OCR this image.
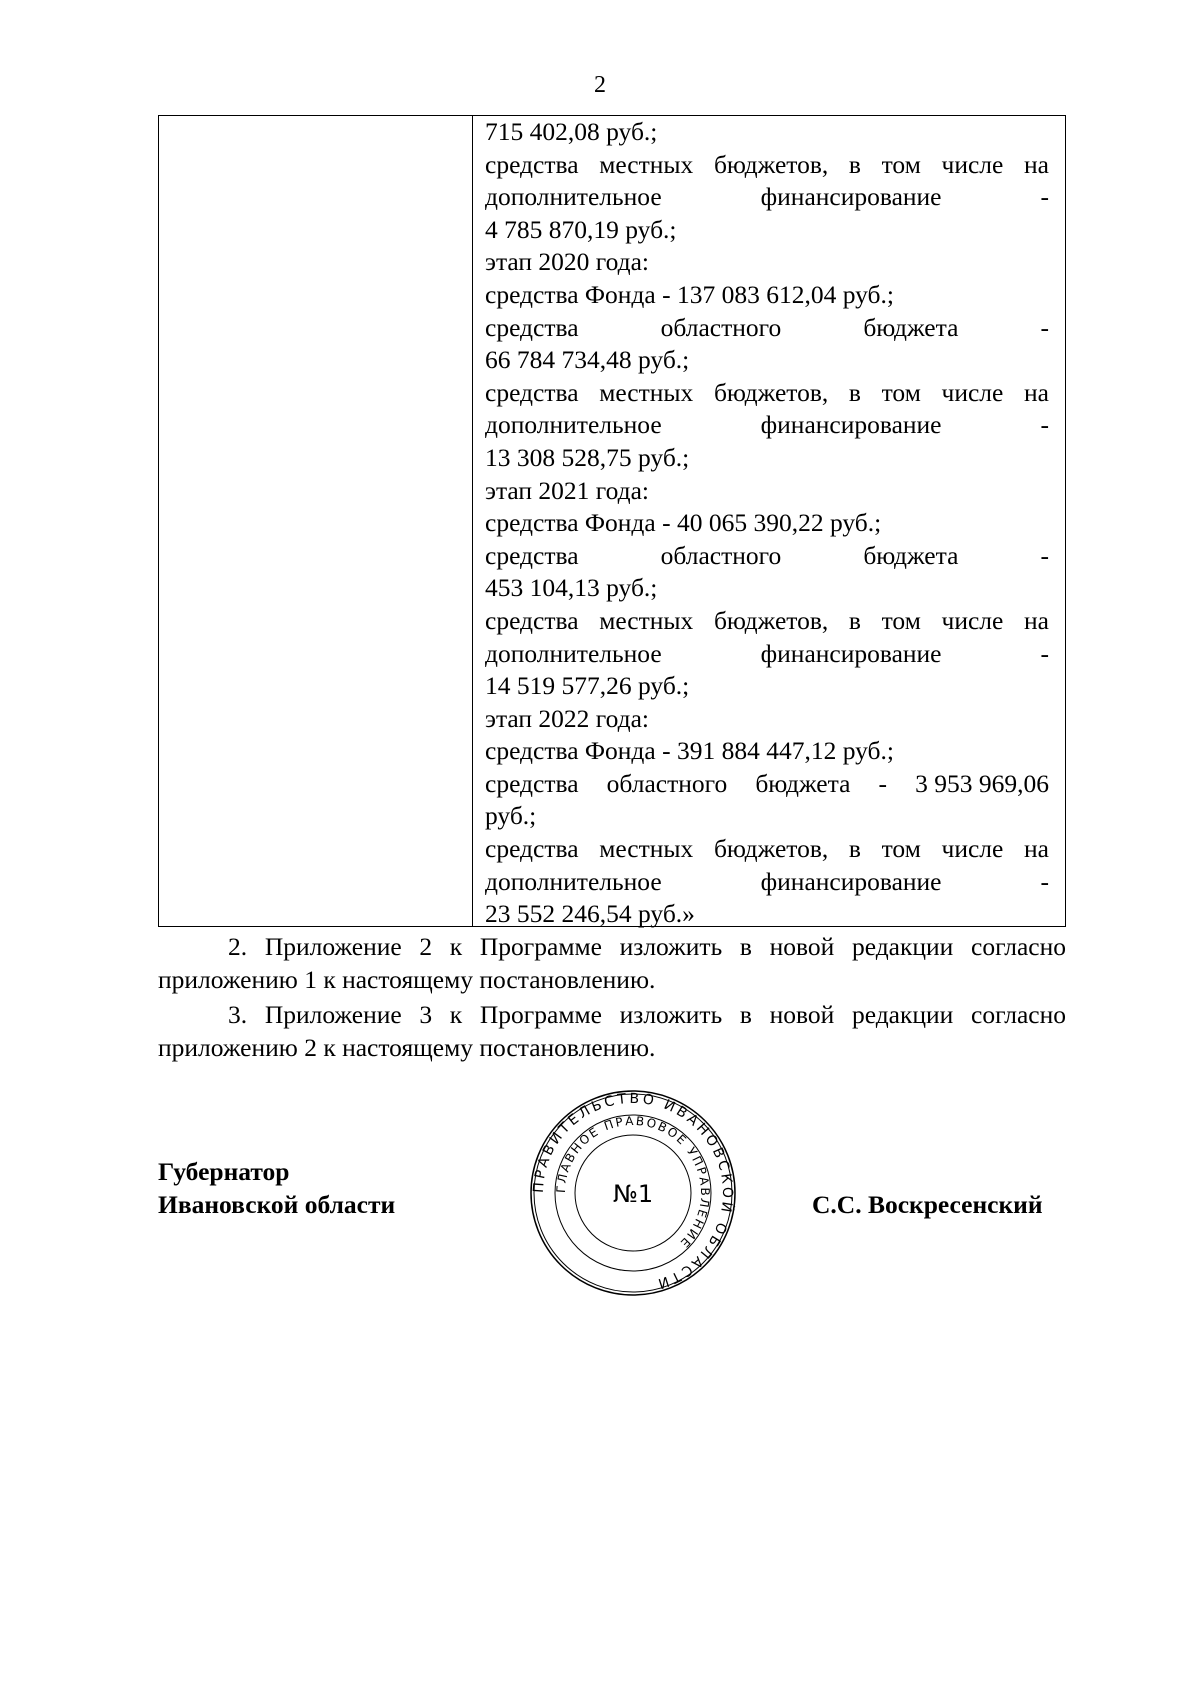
2
715 402,08 руб.;
средства местных бюджетов, в том числе на
дополнительное	финансирование	-
4 785 870,19 руб.;
этап 2020 года:
средства Фонда - 137 083 612,04 руб.;
средства	областного	бюджета	-
66 784 734,48 руб.;
средства местных бюджетов, в том числе на
дополнительное	финансирование	-
13 308 528,75 руб.;
этап 2021 года:
средства Фонда - 40 065 390,22 руб.;
средства	областного	бюджета	-
453 104,13 руб.;
средства местных бюджетов, в том числе на
дополнительное	финансирование	-
14 519 577,26 руб.;
этап 2022 года:
средства Фонда - 391 884 447,12 руб.;
средства областного бюджета - 3 953 969,06
руб.;
средства местных бюджетов, в том числе на
дополнительное	финансирование	-
23 552 246,54 руб.»

2. Приложение 2 к Программе изложить в новой редакции согласно приложению 1 к настоящему постановлению.

3. Приложение 3 к Программе изложить в новой редакции согласно приложению 2 к настоящему постановлению.

Губернатор
Ивановской области	С.С. Воскресенский
ПРАВИТЕЛЬСТВО ИВАНОВСКОЙ ОБЛАСТИ
ГЛАВНОЕ ПРАВОВОЕ УПРАВЛЕНИЕ
№1
